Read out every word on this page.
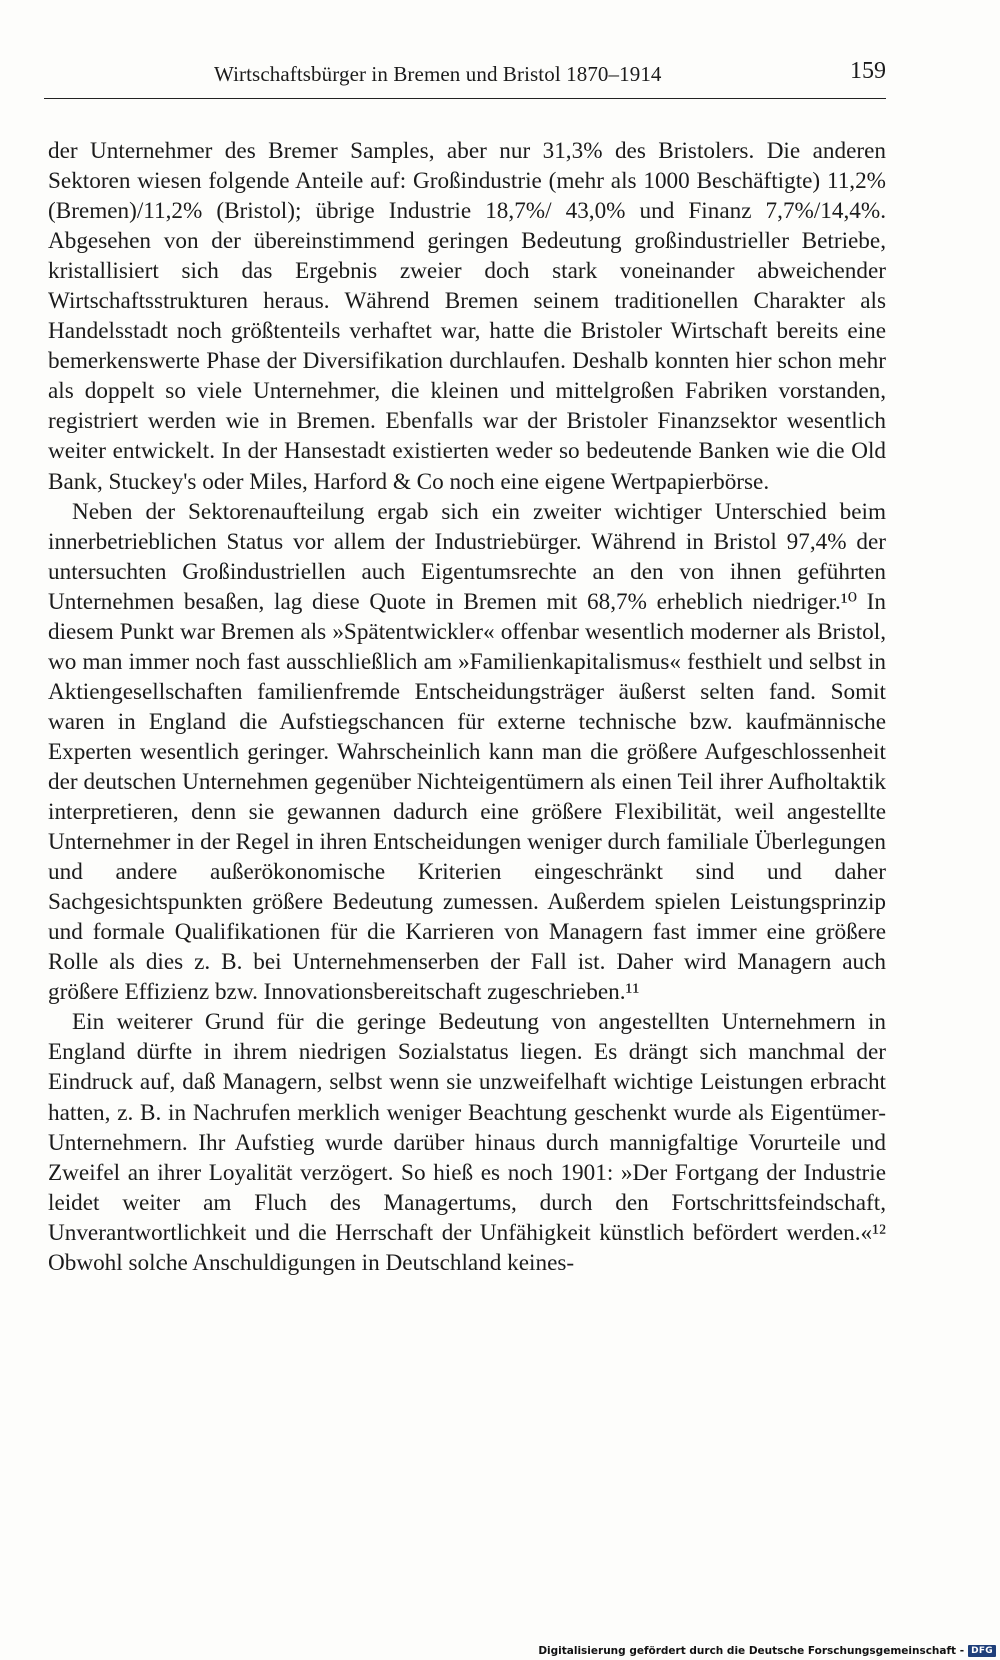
Wirtschaftsbürger in Bremen und Bristol 1870–1914	159

der Unternehmer des Bremer Samples, aber nur 31,3% des Bristolers. Die anderen Sektoren wiesen folgende Anteile auf: Großindustrie (mehr als 1000 Beschäftigte) 11,2% (Bremen)/11,2% (Bristol); übrige Industrie 18,7%/ 43,0% und Finanz 7,7%/14,4%. Abgesehen von der übereinstimmend geringen Bedeutung großindustrieller Betriebe, kristallisiert sich das Ergebnis zweier doch stark voneinander abweichender Wirtschaftsstrukturen heraus. Während Bremen seinem traditionellen Charakter als Handelsstadt noch größtenteils verhaftet war, hatte die Bristoler Wirtschaft bereits eine bemerkenswerte Phase der Diversifikation durchlaufen. Deshalb konnten hier schon mehr als doppelt so viele Unternehmer, die kleinen und mittelgroßen Fabriken vorstanden, registriert werden wie in Bremen. Ebenfalls war der Bristoler Finanzsektor wesentlich weiter entwickelt. In der Hansestadt existierten weder so bedeutende Banken wie die Old Bank, Stuckey's oder Miles, Harford & Co noch eine eigene Wertpapierbörse.

Neben der Sektorenaufteilung ergab sich ein zweiter wichtiger Unterschied beim innerbetrieblichen Status vor allem der Industriebürger. Während in Bristol 97,4% der untersuchten Großindustriellen auch Eigentumsrechte an den von ihnen geführten Unternehmen besaßen, lag diese Quote in Bremen mit 68,7% erheblich niedriger.¹⁰ In diesem Punkt war Bremen als »Spätentwickler« offenbar wesentlich moderner als Bristol, wo man immer noch fast ausschließlich am »Familienkapitalismus« festhielt und selbst in Aktiengesellschaften familienfremde Entscheidungsträger äußerst selten fand. Somit waren in England die Aufstiegschancen für externe technische bzw. kaufmännische Experten wesentlich geringer. Wahrscheinlich kann man die größere Aufgeschlossenheit der deutschen Unternehmen gegenüber Nichteigentümern als einen Teil ihrer Aufholtaktik interpretieren, denn sie gewannen dadurch eine größere Flexibilität, weil angestellte Unternehmer in der Regel in ihren Entscheidungen weniger durch familiale Überlegungen und andere außerökonomische Kriterien eingeschränkt sind und daher Sachgesichtspunkten größere Bedeutung zumessen. Außerdem spielen Leistungsprinzip und formale Qualifikationen für die Karrieren von Managern fast immer eine größere Rolle als dies z. B. bei Unternehmenserben der Fall ist. Daher wird Managern auch größere Effizienz bzw. Innovationsbereitschaft zugeschrieben.¹¹

Ein weiterer Grund für die geringe Bedeutung von angestellten Unternehmern in England dürfte in ihrem niedrigen Sozialstatus liegen. Es drängt sich manchmal der Eindruck auf, daß Managern, selbst wenn sie unzweifelhaft wichtige Leistungen erbracht hatten, z. B. in Nachrufen merklich weniger Beachtung geschenkt wurde als Eigentümer-Unternehmern. Ihr Aufstieg wurde darüber hinaus durch mannigfaltige Vorurteile und Zweifel an ihrer Loyalität verzögert. So hieß es noch 1901: »Der Fortgang der Industrie leidet weiter am Fluch des Managertums, durch den Fortschrittsfeindschaft, Unverantwortlichkeit und die Herrschaft der Unfähigkeit künstlich befördert werden.«¹² Obwohl solche Anschuldigungen in Deutschland keines-

Digitalisierung gefördert durch die Deutsche Forschungsgemeinschaft - DFG
